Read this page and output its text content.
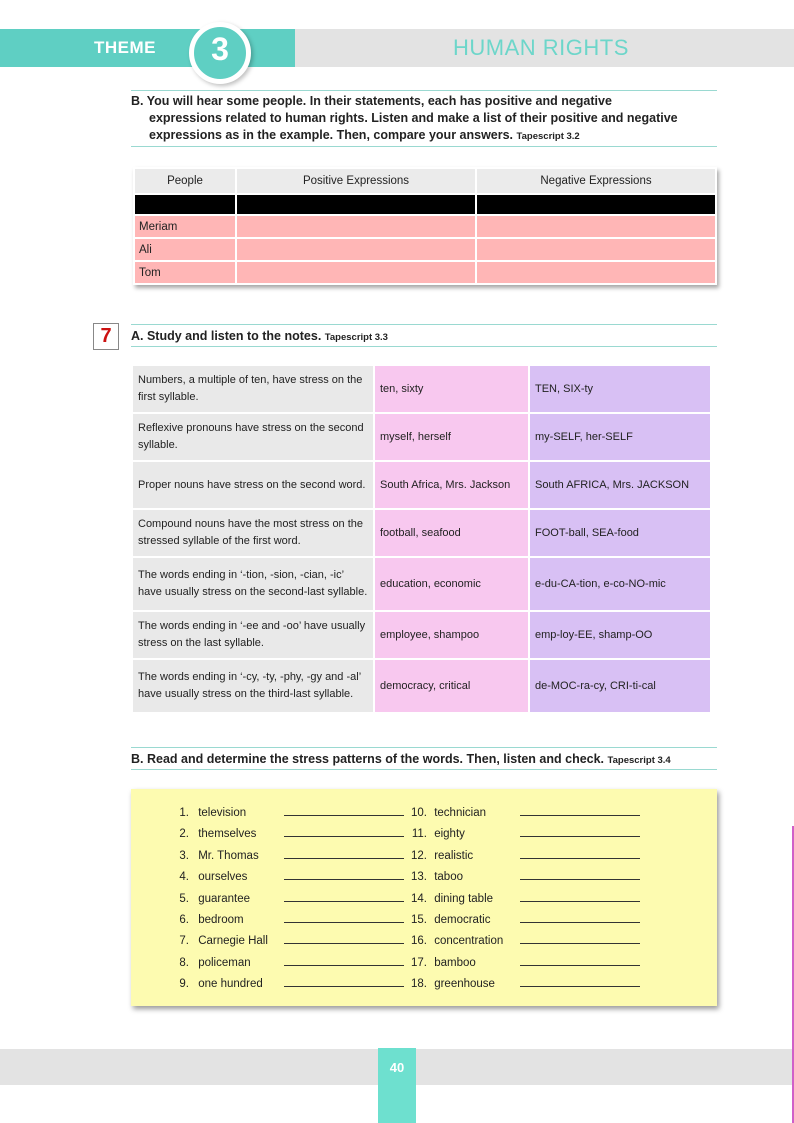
THEME	HUMAN RIGHTS
3
B. You will hear some people. In their statements, each has positive and negative
expressions related to human rights. Listen and make a list of their positive and negative
expressions as in the example. Then, compare your answers. Tapescript 3.2
People	Positive Expressions	Negative Expressions

Meriam		
Ali		
Tom		
7	A. Study and listen to the notes. Tapescript 3.3
Numbers, a multiple of ten, have stress on the first syllable.	ten, sixty	TEN, SIX-ty
Reflexive pronouns have stress on the second syllable.	myself, herself	my-SELF, her-SELF
Proper nouns have stress on the second word.	South Africa, Mrs. Jackson	South AFRICA, Mrs. JACKSON
Compound nouns have the most stress on the stressed syllable of the first word.	football, seafood	FOOT-ball, SEA-food
The words ending in ‘-tion, -sion, -cian, -ic’ have usually stress on the second-last syllable.	education, economic	e-du-CA-tion, e-co-NO-mic
The words ending in ‘-ee and -oo’ have usually stress on the last syllable.	employee, shampoo	emp-loy-EE, shamp-OO
The words ending in ‘-cy, -ty, -phy, -gy and -al’ have usually stress on the third-last syllable.	democracy, critical	de-MOC-ra-cy, CRI-ti-cal
B. Read and determine the stress patterns of the words. Then, listen and check. Tapescript 3.4
1. television
2. themselves
3. Mr. Thomas
4. ourselves
5. guarantee
6. bedroom
7. Carnegie Hall
8. policeman
9. one hundred
10. technician
11. eighty
12. realistic
13. taboo
14. dining table
15. democratic
16. concentration
17. bamboo
18. greenhouse
40
